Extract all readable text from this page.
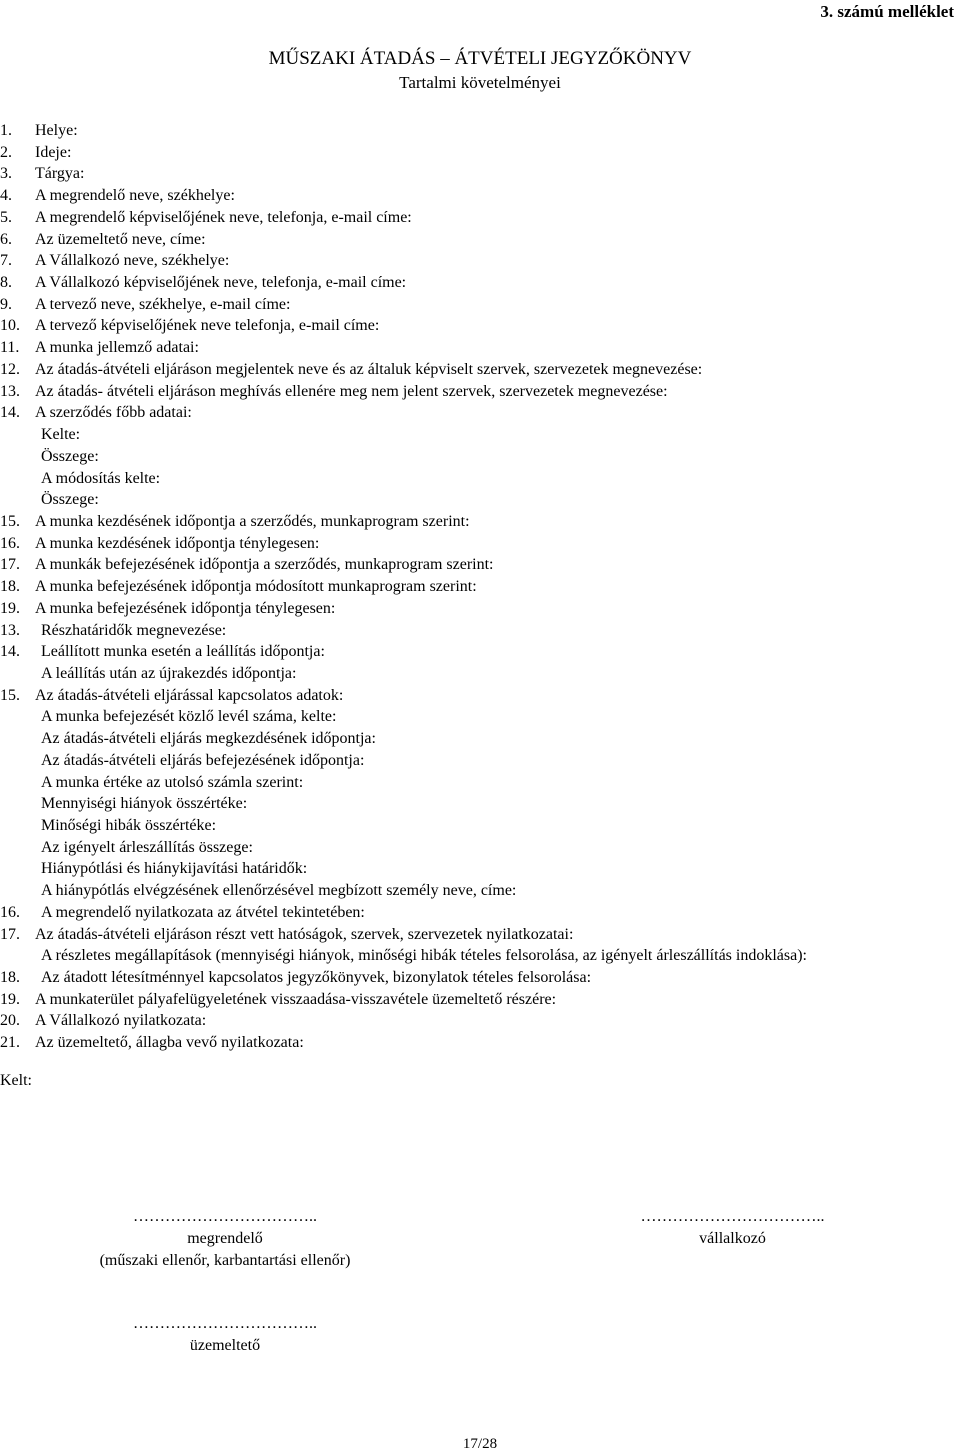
3. számú melléklet
MŰSZAKI ÁTADÁS – ÁTVÉTELI JEGYZŐKÖNYV
Tartalmi követelményei
1. Helye:
2. Ideje:
3. Tárgya:
4. A megrendelő neve, székhelye:
5. A megrendelő képviselőjének neve, telefonja, e-mail címe:
6. Az üzemeltető neve, címe:
7. A Vállalkozó neve, székhelye:
8. A Vállalkozó képviselőjének neve, telefonja, e-mail címe:
9. A tervező neve, székhelye, e-mail címe:
10. A tervező képviselőjének neve telefonja, e-mail címe:
11. A munka jellemző adatai:
12. Az átadás-átvételi eljáráson megjelentek neve és az általuk képviselt szervek, szervezetek megnevezése:
13. Az átadás- átvételi eljáráson meghívás ellenére meg nem jelent szervek, szervezetek megnevezése:
14. A szerződés főbb adatai:
Kelte:
Összege:
A módosítás kelte:
Összege:
15. A munka kezdésének időpontja a szerződés, munkaprogram szerint:
16. A munka kezdésének időpontja ténylegesen:
17. A munkák befejezésének időpontja a szerződés, munkaprogram szerint:
18. A munka befejezésének időpontja módosított munkaprogram szerint:
19. A munka befejezésének időpontja ténylegesen:
13. Részhatáridők megnevezése:
14. Leállított munka esetén a leállítás időpontja:
A leállítás után az újrakezdés időpontja:
15. Az átadás-átvételi eljárással kapcsolatos adatok:
A munka befejezését közlő levél száma, kelte:
Az átadás-átvételi eljárás megkezdésének időpontja:
Az átadás-átvételi eljárás befejezésének időpontja:
A munka értéke az utolsó számla szerint:
Mennyiségi hiányok összértéke:
Minőségi hibák összértéke:
Az igényelt árleszállítás összege:
Hiánypótlási és hiánykijavítási határidők:
A hiánypótlás elvégzésének ellenőrzésével megbízott személy neve, címe:
16. A megrendelő nyilatkozata az átvétel tekintetében:
17. Az átadás-átvételi eljáráson részt vett hatóságok, szervek, szervezetek nyilatkozatai:
A részletes megállapítások (mennyiségi hiányok, minőségi hibák tételes felsorolása, az igényelt árleszállítás indoklása):
18. Az átadott létesítménnyel kapcsolatos jegyzőkönyvek, bizonylatok tételes felsorolása:
19. A munkaterület pályafelügyeletének visszaadása-visszavétele üzemeltető részére:
20. A Vállalkozó nyilatkozata:
21. Az üzemeltető, állagba vevő nyilatkozata:
Kelt:
……………………………..
megrendelő
(műszaki ellenőr, karbantartási ellenőr)
……………………………..
vállalkozó
……………………………..
üzemeltető
17/28
